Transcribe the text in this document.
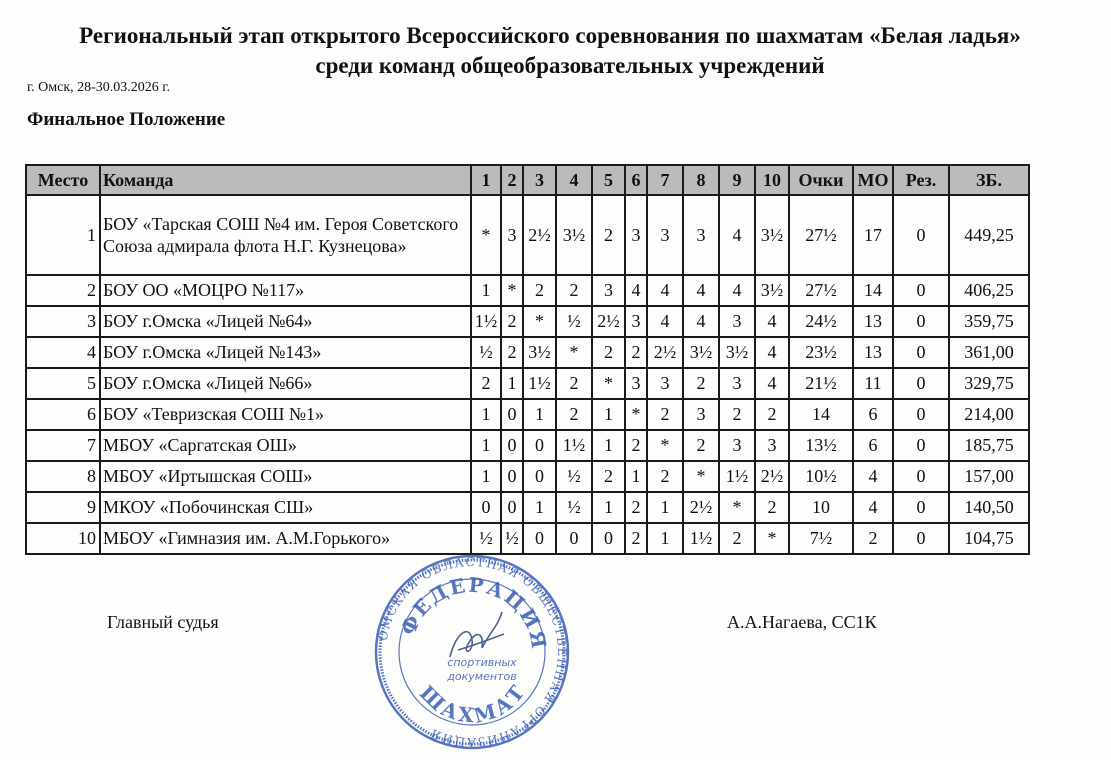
Региональный этап открытого Всероссийского соревнования по шахматам «Белая ладья»
среди команд общеобразовательных учреждений
г. Омск, 28-30.03.2026 г.
Финальное Положение
Место	Команда	1	2	3	4	5	6	7	8	9	10	Очки	МО	Рез.	ЗБ.
1	БОУ «Тарская СОШ №4 им. Героя Советского Союза адмирала флота Н.Г. Кузнецова»	*	3	2½	3½	2	3	3	3	4	3½	27½	17	0	449,25
2	БОУ ОО «МОЦРО №117»	1	*	2	2	3	4	4	4	4	3½	27½	14	0	406,25
3	БОУ г.Омска «Лицей №64»	1½	2	*	½	2½	3	4	4	3	4	24½	13	0	359,75
4	БОУ г.Омска «Лицей №143»	½	2	3½	*	2	2	2½	3½	3½	4	23½	13	0	361,00
5	БОУ г.Омска «Лицей №66»	2	1	1½	2	*	3	3	2	3	4	21½	11	0	329,75
6	БОУ «Тевризская СОШ №1»	1	0	1	2	1	*	2	3	2	2	14	6	0	214,00
7	МБОУ «Саргатская ОШ»	1	0	0	1½	1	2	*	2	3	3	13½	6	0	185,75
8	МБОУ «Иртышская СОШ»	1	0	0	½	2	1	2	*	1½	2½	10½	4	0	157,00
9	МКОУ «Побочинская СШ»	0	0	1	½	1	2	1	2½	*	2	10	4	0	140,50
10	МБОУ «Гимназия им. А.М.Горького»	½	½	0	0	0	2	1	1½	2	*	7½	2	0	104,75
Главный судья	А.А.Нагаева, СС1К
ОМСКАЯ ОБЛАСТНАЯ ОБЩЕСТВЕННАЯ ОРГАНИЗАЦИЯ
ФЕДЕРАЦИЯ
ШАХМАТ
спортивных
документов
